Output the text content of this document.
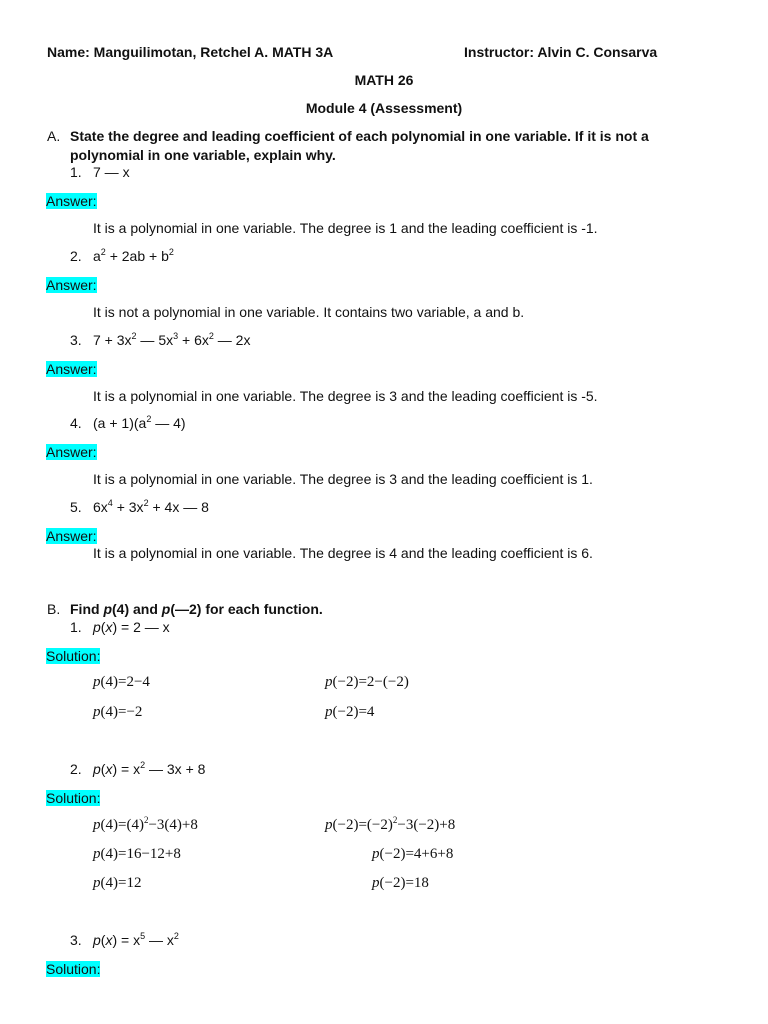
Name: Manguilimotan, Retchel A. MATH 3A	Instructor: Alvin C. Consarva
MATH 26
Module 4 (Assessment)
A. State the degree and leading coefficient of each polynomial in one variable. If it is not a
polynomial in one variable, explain why.
1. 7 — x
Answer:
It is a polynomial in one variable. The degree is 1 and the leading coefficient is -1.
2. $a^2 + 2ab + b^2$
Answer:
It is not a polynomial in one variable. It contains two variable, a and b.
3. $7 + 3x^2$ — $5x^3 + 6x^2$ — 2x
Answer:
It is a polynomial in one variable. The degree is 3 and the leading coefficient is -5.
4. $(a + 1)(a^2$ — 4)
Answer:
It is a polynomial in one variable. The degree is 3 and the leading coefficient is 1.
5. $6x^4 + 3x^2 + 4x$ — 8
Answer:
It is a polynomial in one variable. The degree is 4 and the leading coefficient is 6.
B. Find p(4) and p(—2) for each function.
1. p(x) = 2 — x
Solution:
p(4)=2−4
p(4)=−2
p(−2)=2−(−2)
p(−2)=4
2. $p(x) = x^2$ — 3x + 8
Solution:
$p(4)=(4)^2-3(4)+8$
p(4)=16−12+8
p(4)=12
$p(-2)=(-2)^2-3(-2)+8$
p(−2)=4+6+8
p(−2)=18
3. $p(x) = x^5$ — $x^2$
Solution:
